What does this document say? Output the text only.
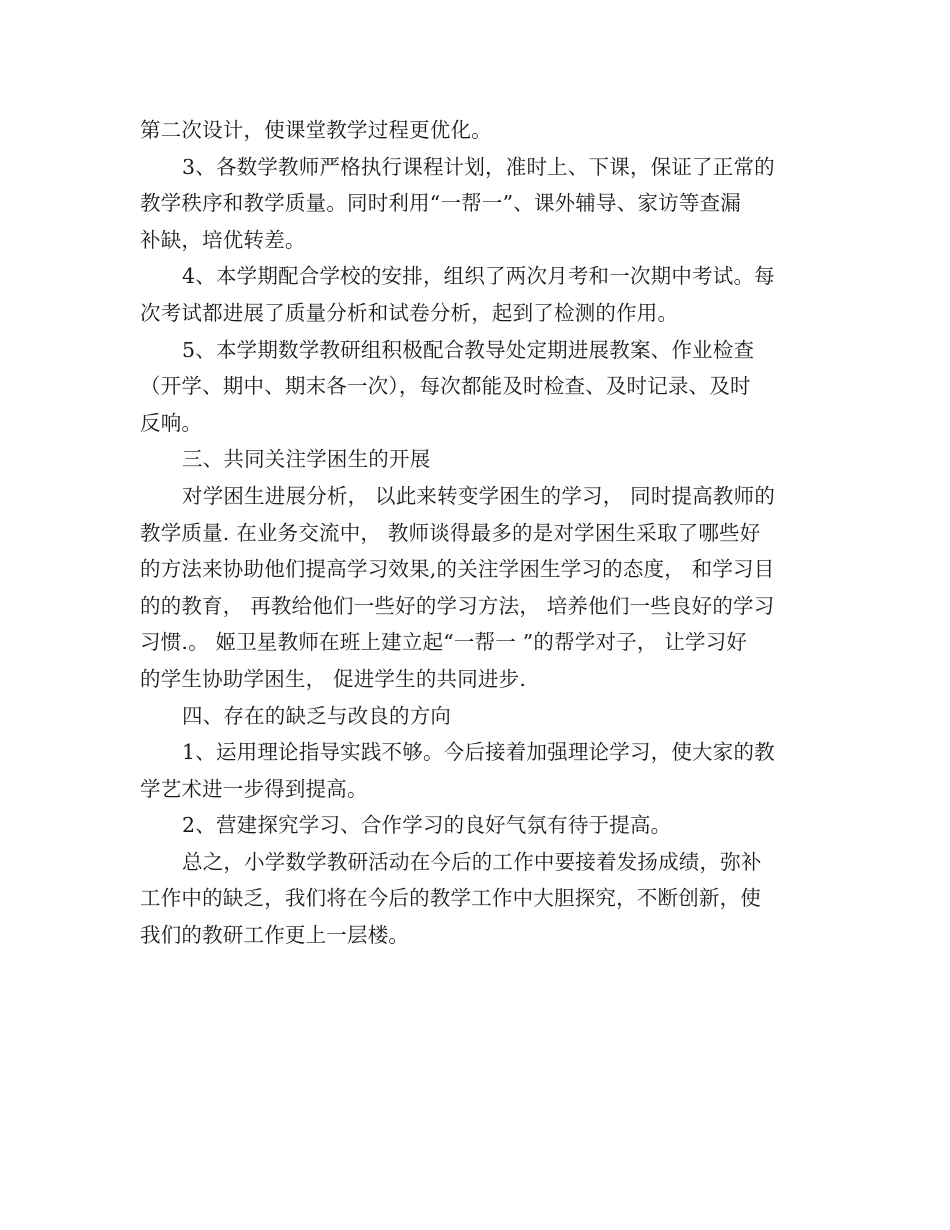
第二次设计，使课堂教学过程更优化。
3、各数学教师严格执行课程计划，准时上、下课，保证了正常的
教学秩序和教学质量。同时利用“一帮一”、课外辅导、家访等查漏
补缺，培优转差。
4、本学期配合学校的安排，组织了两次月考和一次期中考试。每
次考试都进展了质量分析和试卷分析，起到了检测的作用。
5、本学期数学教研组积极配合教导处定期进展教案、作业检查
（开学、期中、期末各一次），每次都能及时检查、及时记录、及时
反响。
三、共同关注学困生的开展
对学困生进展分析， 以此来转变学困生的学习， 同时提高教师的
教学质量. 在业务交流中， 教师谈得最多的是对学困生采取了哪些好
的方法来协助他们提高学习效果,的关注学困生学习的态度， 和学习目
的的教育， 再教给他们一些好的学习方法， 培养他们一些良好的学习
习惯.。 姬卫星教师在班上建立起“一帮一 ”的帮学对子， 让学习好
的学生协助学困生， 促进学生的共同进步.
四、存在的缺乏与改良的方向
1、运用理论指导实践不够。今后接着加强理论学习，使大家的教
学艺术进一步得到提高。
2、营建探究学习、合作学习的良好气氛有待于提高。
总之，小学数学教研活动在今后的工作中要接着发扬成绩，弥补
工作中的缺乏，我们将在今后的教学工作中大胆探究，不断创新，使
我们的教研工作更上一层楼。
